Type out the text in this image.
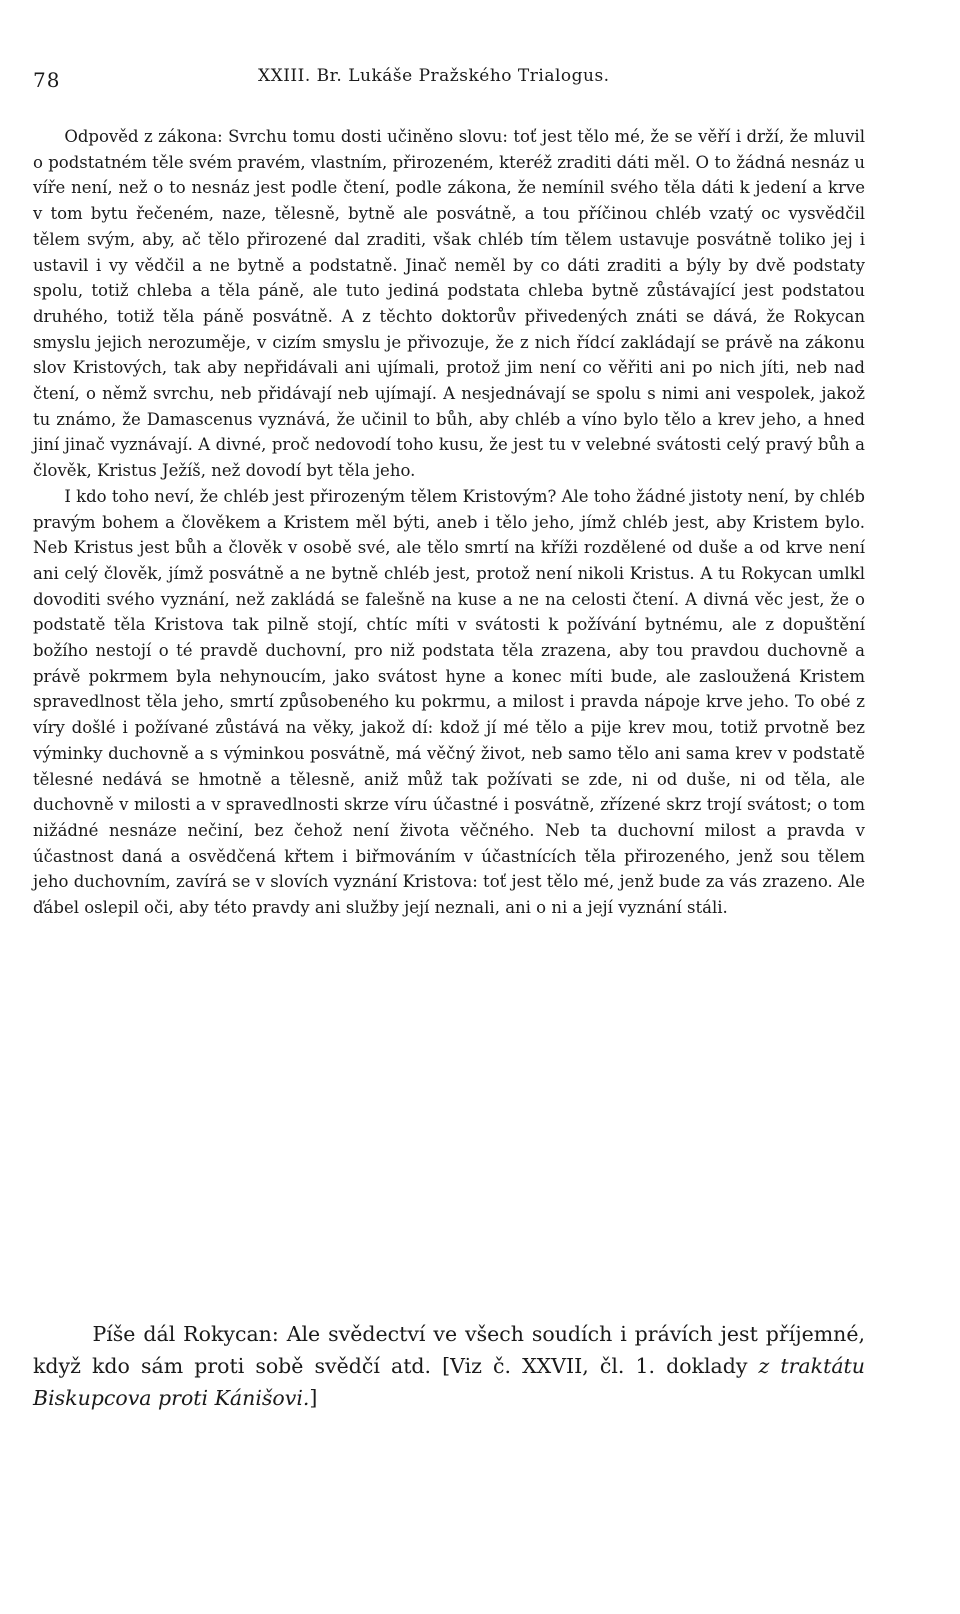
78	XXIII. Br. Lukáše Pražského Trialogus.

Odpověd z zákona: Svrchu tomu dosti učiněno slovu: toť jest tělo mé, že se věří i drží, že mluvil o podstatném těle svém pravém, vlastním, přirozeném, kteréž zraditi dáti měl. O to žádná nesnáz u víře není, než o to nesnáz jest podle čtení, podle zákona, že nemínil svého těla dáti k jedení a krve v tom bytu řečeném, naze, tělesně, bytně ale posvátně, a tou příčinou chléb vzatý oc vysvědčil tělem svým, aby, ač tělo přirozené dal zraditi, však chléb tím tělem ustavuje posvátně toliko jej i ustavil i vy vědčil a ne bytně a podstatně. Jinač neměl by co dáti zraditi a býly by dvě podstaty spolu, totiž chleba a těla páně, ale tuto jediná podstata chleba bytně zůstávající jest podstatou druhého, totiž těla páně posvátně. A z těchto doktorův přivedených znáti se dává, že Rokycan smyslu jejich nerozuměje, v cizím smyslu je přivozuje, že z nich řídcí zakládají se právě na zákonu slov Kristových, tak aby nepřidávali ani ujímali, protož jim není co věřiti ani po nich jíti, neb nad čtení, o němž svrchu, neb přidávají neb ujímají. A nesjednávají se spolu s nimi ani vespolek, jakož tu známo, že Damascenus vyznává, že učinil to bůh, aby chléb a víno bylo tělo a krev jeho, a hned jiní jinač vyznávají. A divné, proč nedovodí toho kusu, že jest tu v velebné svátosti celý pravý bůh a člověk, Kristus Ježíš, než dovodí byt těla jeho.

I kdo toho neví, že chléb jest přirozeným tělem Kristovým? Ale toho žádné jistoty není, by chléb pravým bohem a člověkem a Kristem měl býti, aneb i tělo jeho, jímž chléb jest, aby Kristem bylo. Neb Kristus jest bůh a člověk v osobě své, ale tělo smrtí na kříži rozdělené od duše a od krve není ani celý člověk, jímž posvátně a ne bytně chléb jest, protož není nikoli Kristus. A tu Rokycan umlkl dovoditi svého vyznání, než zakládá se falešně na kuse a ne na celosti čtení. A divná věc jest, že o podstatě těla Kristova tak pilně stojí, chtíc míti v svátosti k požívání bytnému, ale z dopuštění božího nestojí o té pravdě duchovní, pro niž podstata těla zrazena, aby tou pravdou duchovně a právě pokrmem byla nehynoucím, jako svátost hyne a konec míti bude, ale zasloužená Kristem spravedlnost těla jeho, smrtí způsobeného ku pokrmu, a milost i pravda nápoje krve jeho. To obé z víry došlé i požívané zůstává na věky, jakož dí: kdož jí mé tělo a pije krev mou, totiž prvotně bez výminky duchovně a s výminkou posvátně, má věčný život, neb samo tělo ani sama krev v podstatě tělesné nedává se hmotně a tělesně, aniž můž tak požívati se zde, ni od duše, ni od těla, ale duchovně v milosti a v spravedlnosti skrze víru účastné i posvátně, zřízené skrz trojí svátost; o tom nižádné nesnáze nečiní, bez čehož není života věčného. Neb ta duchovní milost a pravda v účastnost daná a osvědčená křtem i biřmováním v účastnících těla přirozeného, jenž sou tělem jeho duchovním, zavírá se v slovích vyznání Kristova: toť jest tělo mé, jenž bude za vás zrazeno. Ale ďábel oslepil oči, aby této pravdy ani služby její neznali, ani o ni a její vyznání stáli.

Píše dál Rokycan: Ale svědectví ve všech soudích i právích jest příjemné, když kdo sám proti sobě svědčí atd. [Viz č. XXVII, čl. 1. doklady z traktátu Biskupcova proti Kánišovi.]
